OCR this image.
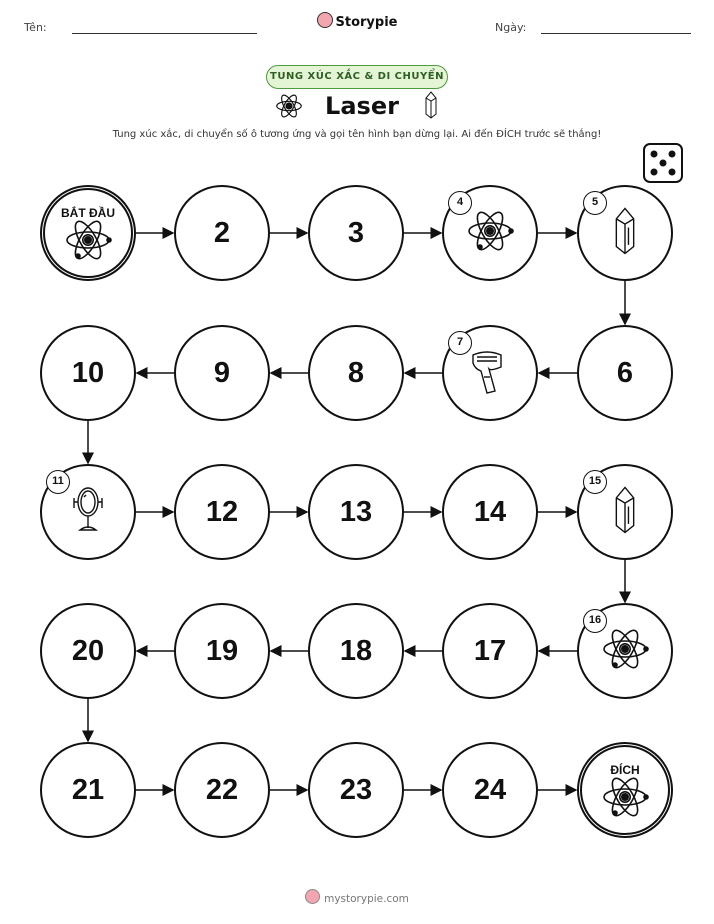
Tên:	Storypie	Ngày:
TUNG XÚC XẮC & DI CHUYỂN
Laser
Tung xúc xắc, di chuyển số ô tương ứng và gọi tên hình bạn dừng lại. Ai đến ĐÍCH trước sẽ thắng!
BẮT ĐẦU
2	3
4	5
6
7
8
9
10
11
12	13	14
15
16
17
18
19
20
21	22	23	24
ĐÍCH
mystorypie.com
